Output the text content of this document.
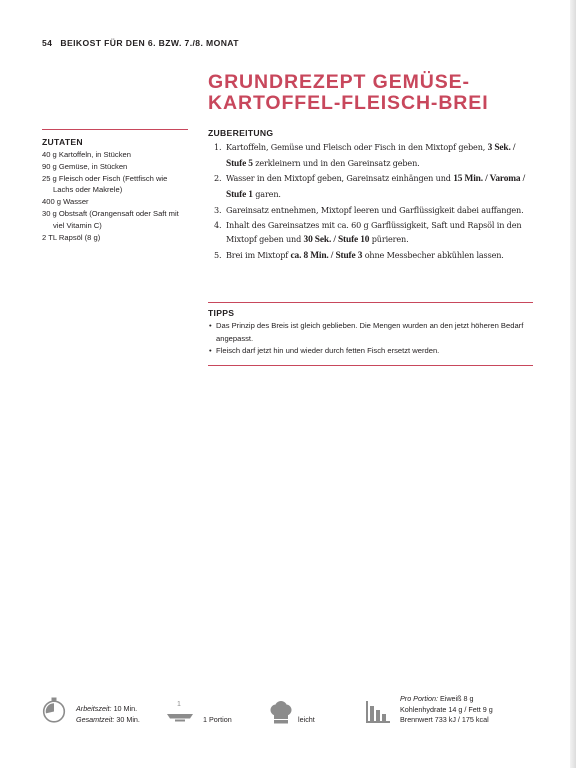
54 BEIKOST FÜR DEN 6. BZW. 7./8. MONAT
GRUNDREZEPT GEMÜSE-
KARTOFFEL-FLEISCH-BREI
ZUTATEN
40 g Kartoffeln, in Stücken
90 g Gemüse, in Stücken
25 g Fleisch oder Fisch (Fettfisch wie Lachs oder Makrele)
400 g Wasser
30 g Obstsaft (Orangensaft oder Saft mit viel Vitamin C)
2 TL Rapsöl (8 g)
ZUBEREITUNG
1. Kartoffeln, Gemüse und Fleisch oder Fisch in den Mixtopf geben, 3 Sek. / Stufe 5 zerkleinern und in den Gareinsatz geben.
2. Wasser in den Mixtopf geben, Gareinsatz einhängen und 15 Min. / Varoma / Stufe 1 garen.
3. Gareinsatz entnehmen, Mixtopf leeren und Garflüssigkeit dabei auffangen.
4. Inhalt des Gareinsatzes mit ca. 60 g Garflüssigkeit, Saft und Rapsöl in den Mixtopf geben und 30 Sek. / Stufe 10 pürieren.
5. Brei im Mixtopf ca. 8 Min. / Stufe 3 ohne Messbecher abkühlen lassen.
TIPPS
• Das Prinzip des Breis ist gleich geblieben. Die Mengen wurden an den jetzt höheren Bedarf angepasst.
• Fleisch darf jetzt hin und wieder durch fetten Fisch ersetzt werden.
Arbeitszeit: 10 Min.
Gesamtzeit: 30 Min.
1
1 Portion	leicht
Pro Portion: Eiweiß 8 g
Kohlenhydrate 14 g / Fett 9 g
Brennwert 733 kJ / 175 kcal
